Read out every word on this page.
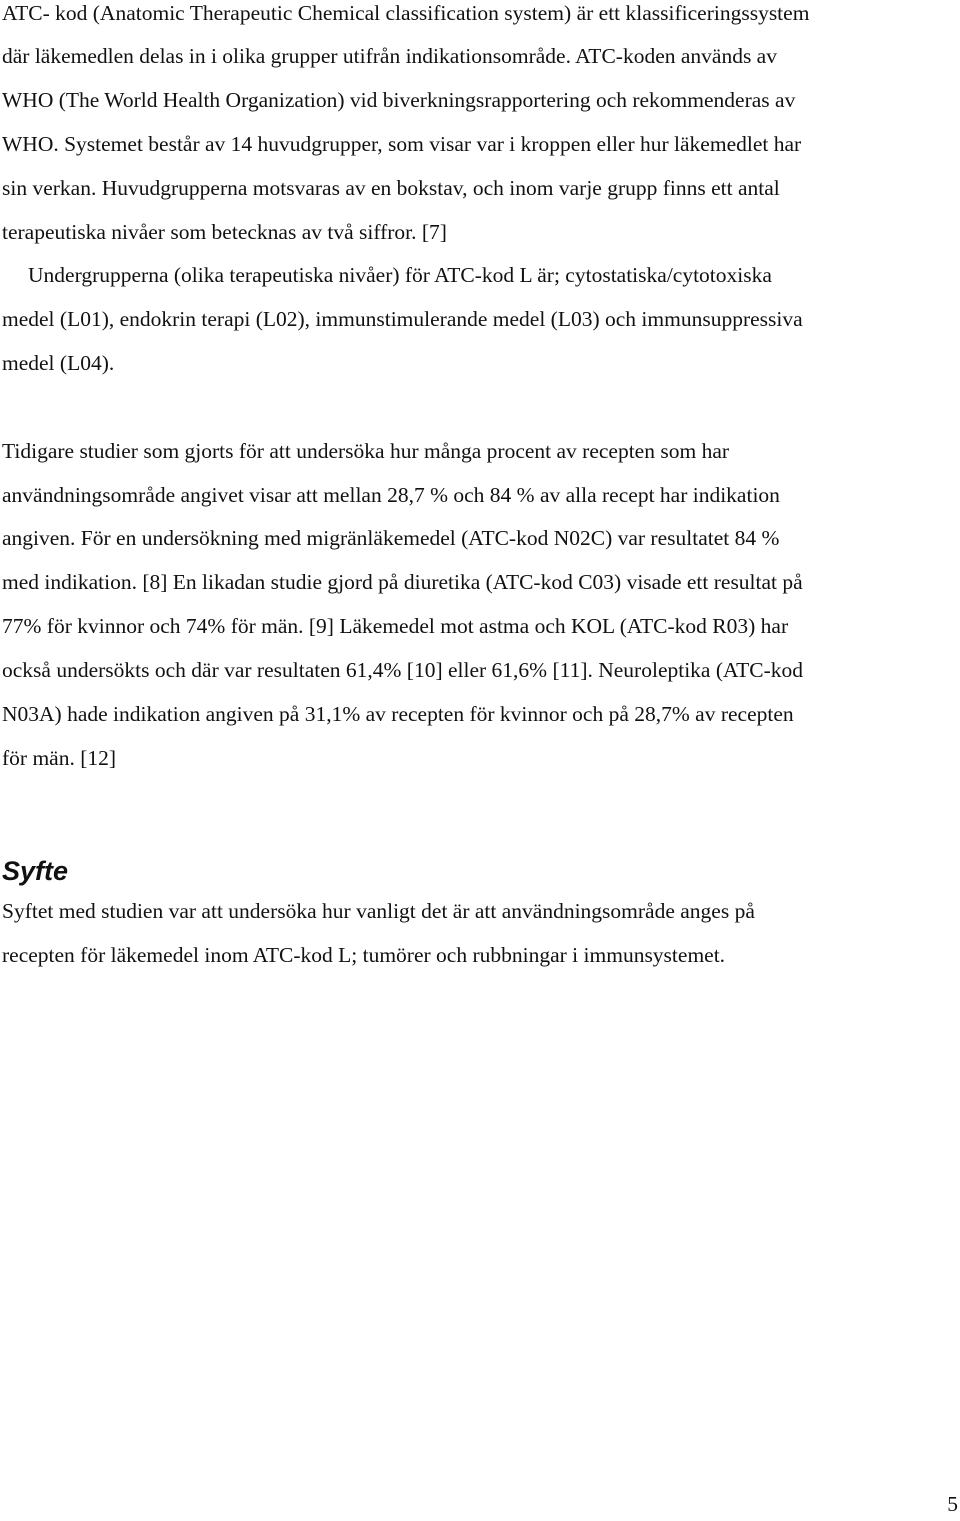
ATC- kod (Anatomic Therapeutic Chemical classification system) är ett klassificeringssystem
där läkemedlen delas in i olika grupper utifrån indikationsområde. ATC-koden används av
WHO (The World Health Organization) vid biverkningsrapportering och rekommenderas av
WHO. Systemet består av 14 huvudgrupper, som visar var i kroppen eller hur läkemedlet har
sin verkan. Huvudgrupperna motsvaras av en bokstav, och inom varje grupp finns ett antal
terapeutiska nivåer som betecknas av två siffror. [7]
Undergrupperna (olika terapeutiska nivåer) för ATC-kod L är; cytostatiska/cytotoxiska
medel (L01), endokrin terapi (L02), immunstimulerande medel (L03) och immunsuppressiva
medel (L04).
Tidigare studier som gjorts för att undersöka hur många procent av recepten som har
användningsområde angivet visar att mellan 28,7 % och 84 % av alla recept har indikation
angiven. För en undersökning med migränläkemedel (ATC-kod N02C) var resultatet 84 %
med indikation. [8] En likadan studie gjord på diuretika (ATC-kod C03) visade ett resultat på
77% för kvinnor och 74% för män. [9] Läkemedel mot astma och KOL (ATC-kod R03) har
också undersökts och där var resultaten 61,4% [10] eller 61,6% [11]. Neuroleptika (ATC-kod
N03A) hade indikation angiven på 31,1% av recepten för kvinnor och på 28,7% av recepten
för män. [12]
Syfte
Syftet med studien var att undersöka hur vanligt det är att användningsområde anges på
recepten för läkemedel inom ATC-kod L; tumörer och rubbningar i immunsystemet.
5
